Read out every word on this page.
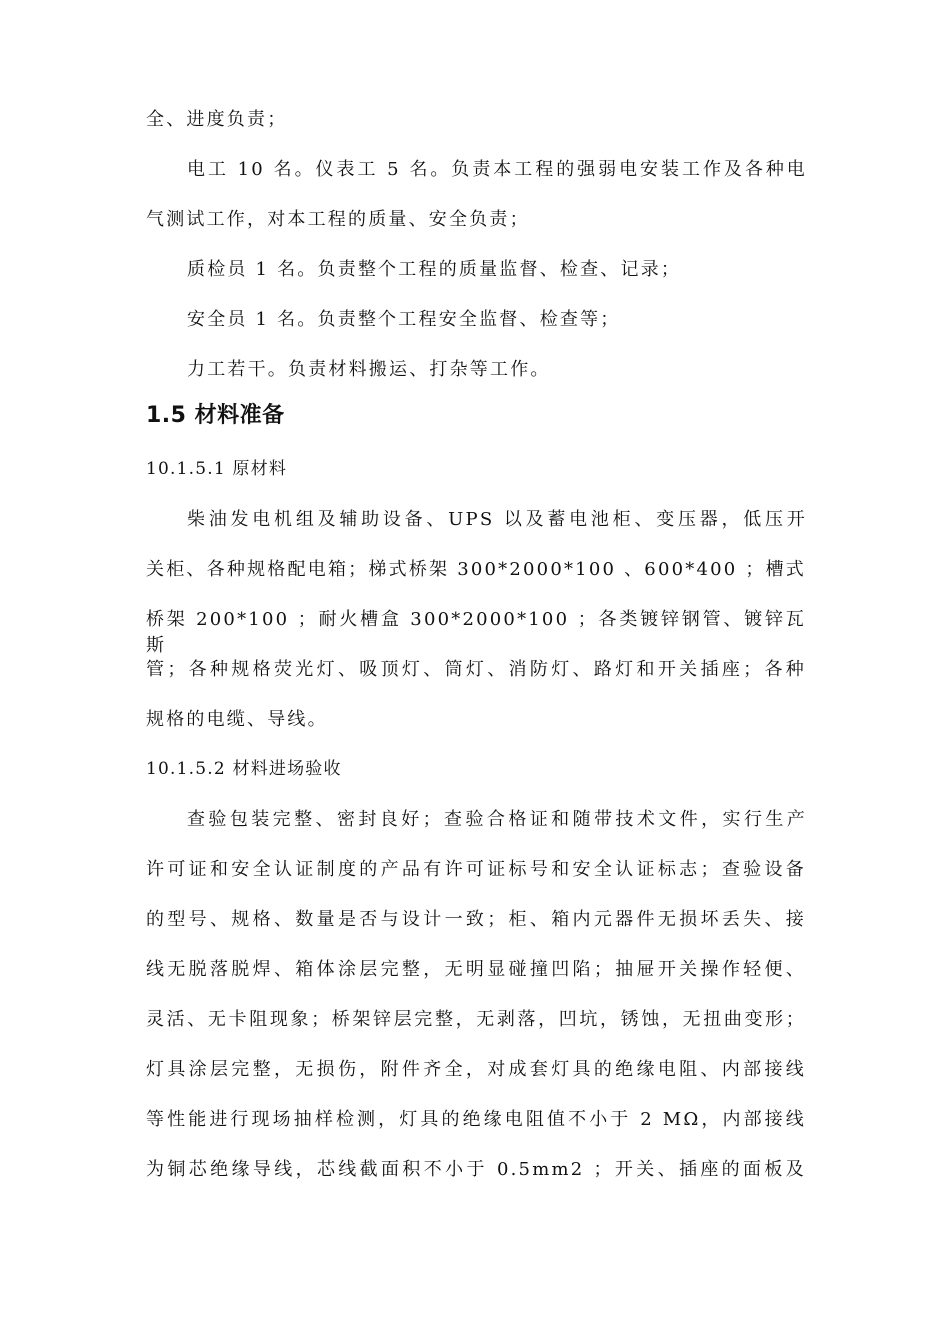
全、进度负责；
电工 10 名。仪表工 5 名。负责本工程的强弱电安装工作及各种电
气测试工作，对本工程的质量、安全负责；
质检员 1 名。负责整个工程的质量监督、检查、记录；
安全员 1 名。负责整个工程安全监督、检查等；
力工若干。负责材料搬运、打杂等工作。
1.5 材料准备
10.1.5.1 原材料
柴油发电机组及辅助设备、UPS 以及蓄电池柜、变压器，低压开
关柜、各种规格配电箱；梯式桥架 300*2000*100 、600*400 ；槽式
桥架 200*100 ；耐火槽盒 300*2000*100 ；各类镀锌钢管、镀锌瓦斯
管；各种规格荧光灯、吸顶灯、筒灯、消防灯、路灯和开关插座；各种
规格的电缆、导线。
10.1.5.2 材料进场验收
查验包装完整、密封良好；查验合格证和随带技术文件，实行生产
许可证和安全认证制度的产品有许可证标号和安全认证标志；查验设备
的型号、规格、数量是否与设计一致；柜、箱内元器件无损坏丢失、接
线无脱落脱焊、箱体涂层完整，无明显碰撞凹陷；抽屉开关操作轻便、
灵活、无卡阻现象；桥架锌层完整，无剥落，凹坑，锈蚀，无扭曲变形；
灯具涂层完整，无损伤，附件齐全，对成套灯具的绝缘电阻、内部接线
等性能进行现场抽样检测，灯具的绝缘电阻值不小于 2 MΩ，内部接线
为铜芯绝缘导线，芯线截面积不小于 0.5mm2 ；开关、插座的面板及
